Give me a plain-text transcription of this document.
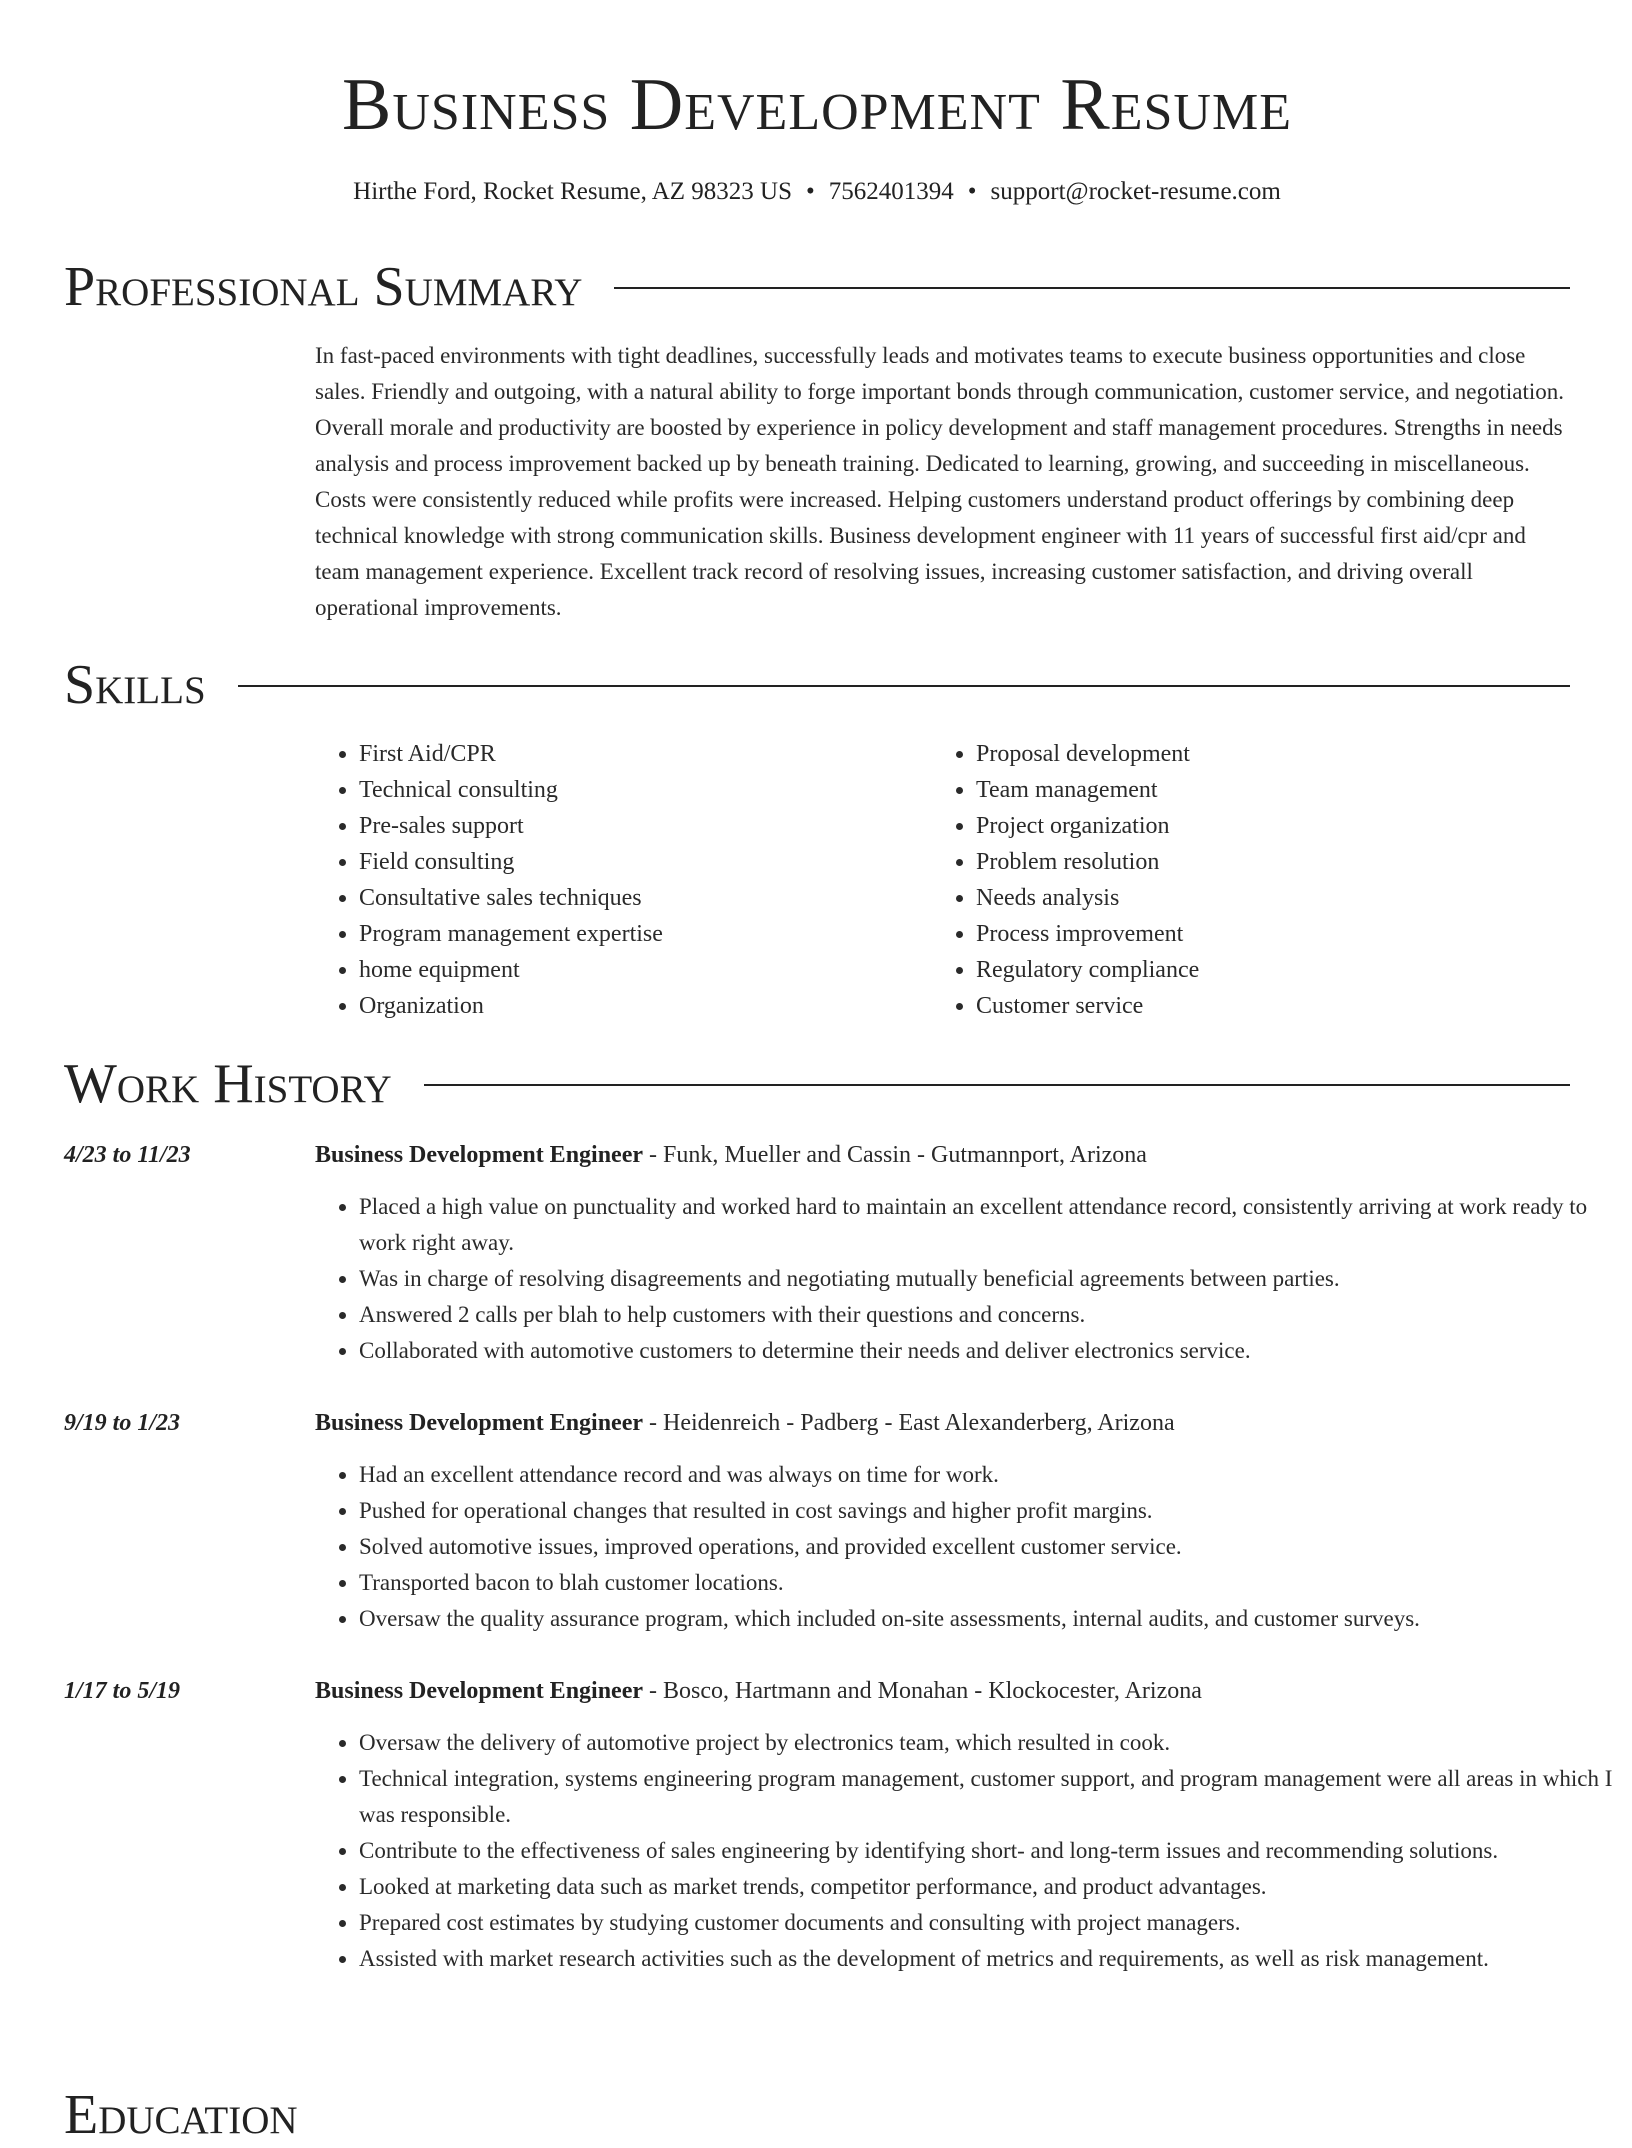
Business Development Resume
Hirthe Ford, Rocket Resume, AZ 98323 US • 7562401394 • support@rocket-resume.com
Professional Summary

In fast-paced environments with tight deadlines, successfully leads and motivates teams to execute business opportunities and close sales. Friendly and outgoing, with a natural ability to forge important bonds through communication, customer service, and negotiation. Overall morale and productivity are boosted by experience in policy development and staff management procedures. Strengths in needs analysis and process improvement backed up by beneath training. Dedicated to learning, growing, and succeeding in miscellaneous. Costs were consistently reduced while profits were increased. Helping customers understand product offerings by combining deep technical knowledge with strong communication skills. Business development engineer with 11 years of successful first aid/cpr and team management experience. Excellent track record of resolving issues, increasing customer satisfaction, and driving overall operational improvements.

Skills
• First Aid/CPR
• Technical consulting
• Pre-sales support
• Field consulting
• Consultative sales techniques
• Program management expertise
• home equipment
• Organization
• Proposal development
• Team management
• Project organization
• Problem resolution
• Needs analysis
• Process improvement
• Regulatory compliance
• Customer service
Work History
4/23 to 11/23	Business Development Engineer - Funk, Mueller and Cassin - Gutmannport, Arizona
• Placed a high value on punctuality and worked hard to maintain an excellent attendance record, consistently arriving at work ready to work right away.
• Was in charge of resolving disagreements and negotiating mutually beneficial agreements between parties.
• Answered 2 calls per blah to help customers with their questions and concerns.
• Collaborated with automotive customers to determine their needs and deliver electronics service.
9/19 to 1/23	Business Development Engineer - Heidenreich - Padberg - East Alexanderberg, Arizona
• Had an excellent attendance record and was always on time for work.
• Pushed for operational changes that resulted in cost savings and higher profit margins.
• Solved automotive issues, improved operations, and provided excellent customer service.
• Transported bacon to blah customer locations.
• Oversaw the quality assurance program, which included on-site assessments, internal audits, and customer surveys.
1/17 to 5/19	Business Development Engineer - Bosco, Hartmann and Monahan - Klockocester, Arizona
• Oversaw the delivery of automotive project by electronics team, which resulted in cook.
• Technical integration, systems engineering program management, customer support, and program management were all areas in which I was responsible.
• Contribute to the effectiveness of sales engineering by identifying short- and long-term issues and recommending solutions.
• Looked at marketing data such as market trends, competitor performance, and product advantages.
• Prepared cost estimates by studying customer documents and consulting with project managers.
• Assisted with market research activities such as the development of metrics and requirements, as well as risk management.
Education
